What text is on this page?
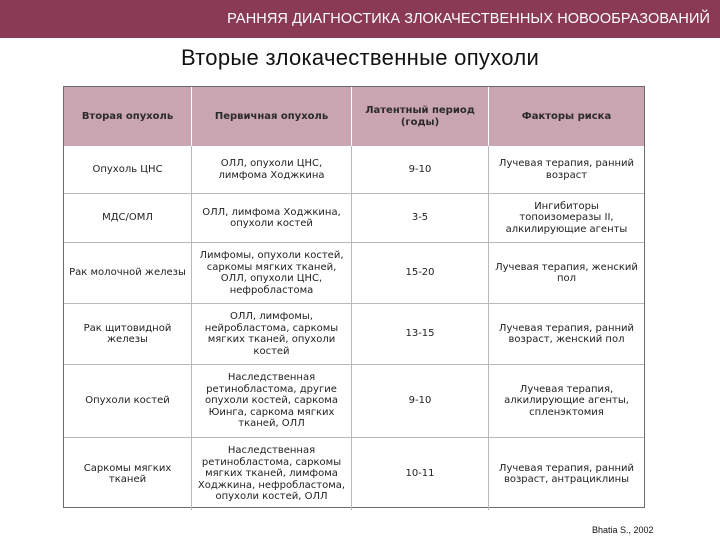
РАННЯЯ ДИАГНОСТИКА ЗЛОКАЧЕСТВЕННЫХ НОВООБРАЗОВАНИЙ
Вторые злокачественные опухоли
Вторая опухоль	Первичная опухоль	Латентный период (годы)	Факторы риска
Опухоль ЦНС	ОЛЛ, опухоли ЦНС, лимфома Ходжкина	9-10	Лучевая терапия, ранний возраст
МДС/ОМЛ	ОЛЛ, лимфома Ходжкина, опухоли костей	3-5	Ингибиторы топоизомеразы II, алкилирующие агенты
Рак молочной железы	Лимфомы, опухоли костей, саркомы мягких тканей, ОЛЛ, опухоли ЦНС, нефробластома	15-20	Лучевая терапия, женский пол
Рак щитовидной железы	ОЛЛ, лимфомы, нейробластома, саркомы мягких тканей, опухоли костей	13-15	Лучевая терапия, ранний возраст, женский пол
Опухоли костей	Наследственная ретинобластома, другие опухоли костей, саркома Юинга, саркома мягких тканей, ОЛЛ	9-10	Лучевая терапия, алкилирующие агенты, спленэктомия
Саркомы мягких тканей	Наследственная ретинобластома, саркомы мягких тканей, лимфома Ходжкина, нефробластома, опухоли костей, ОЛЛ	10-11	Лучевая терапия, ранний возраст, антрациклины
Bhatia S., 2002
